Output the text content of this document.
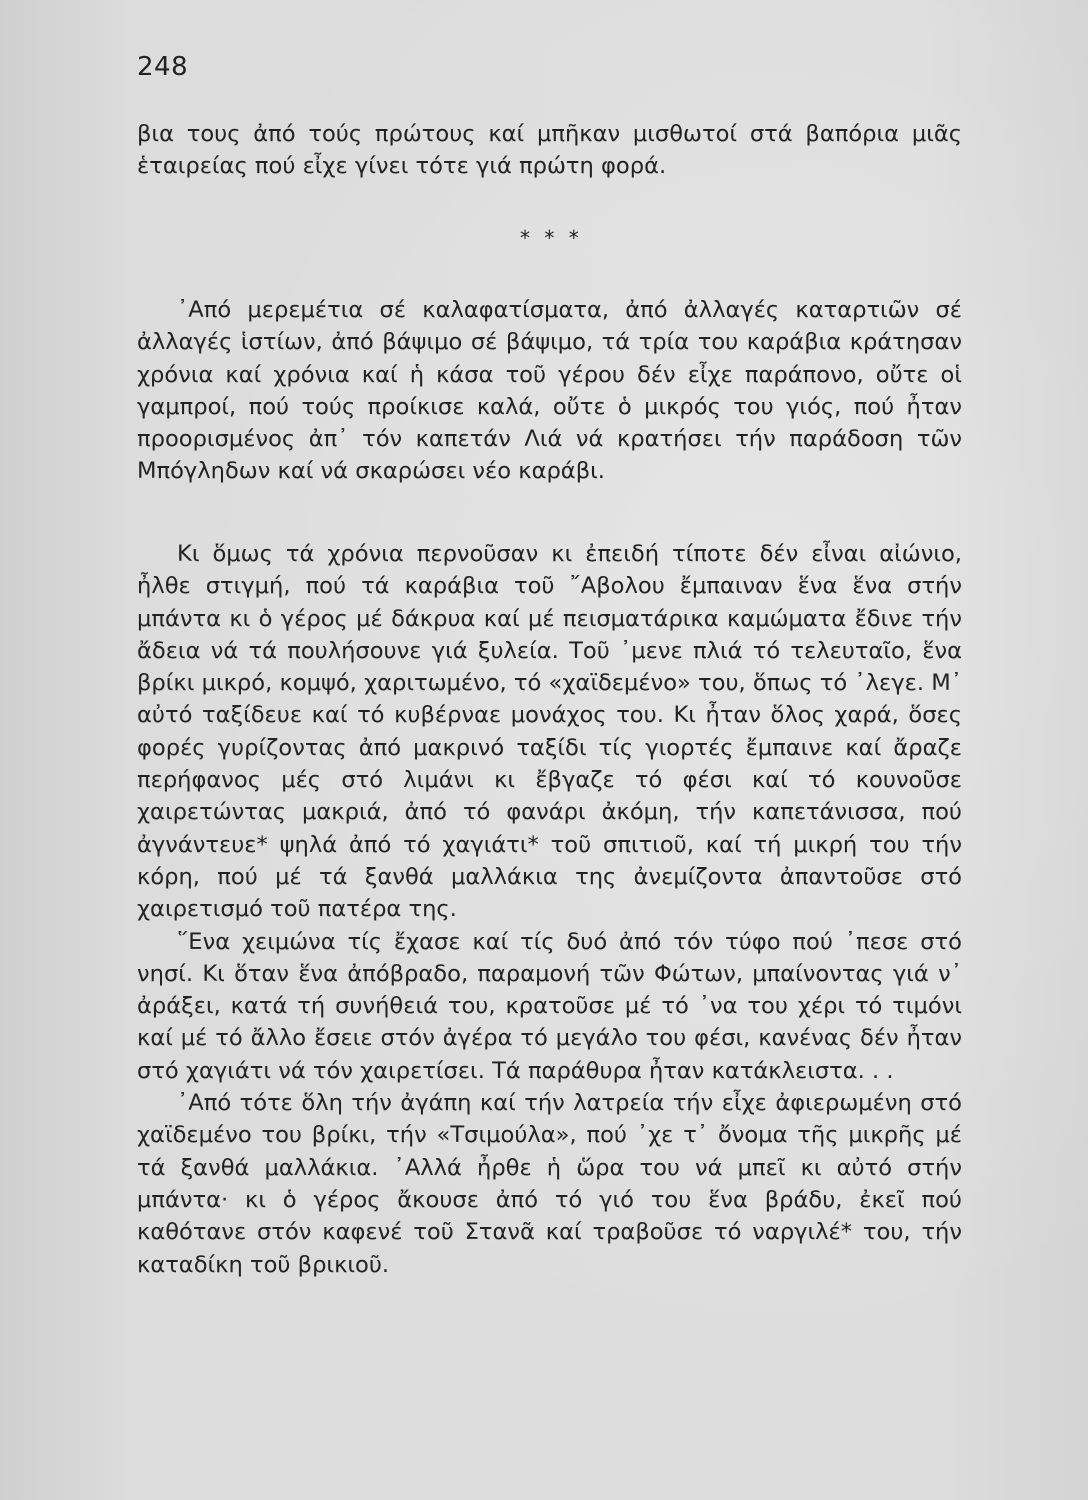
248
βια τους ἀπό τούς πρώτους καί μπῆκαν μισθωτοί στά βαπόρια μιᾶς ἑταιρείας πού εἶχε γίνει τότε γιά πρώτη φορά.
* * *
᾿Από μερεμέτια σέ καλαφατίσματα, ἀπό ἀλλαγές καταρτιῶν σέ ἀλλαγές ἱστίων, ἀπό βάψιμο σέ βάψιμο, τά τρία του καράβια κράτησαν χρόνια καί χρόνια καί ἡ κάσα τοῦ γέρου δέν εἶχε παράπονο, οὔτε οἱ γαμπροί, πού τούς προίκισε καλά, οὔτε ὁ μικρός του γιός, πού ἦταν προορισμένος ἀπ᾿ τόν καπετάν Λιά νά κρατήσει τήν παράδοση τῶν Μπόγληδων καί νά σκαρώσει νέο καράβι.

Κι ὅμως τά χρόνια περνοῦσαν κι ἐπειδή τίποτε δέν εἶναι αἰώνιο, ἦλθε στιγμή, πού τά καράβια τοῦ ῎Αβολου ἔμπαιναν ἕνα ἕνα στήν μπάντα κι ὁ γέρος μέ δάκρυα καί μέ πεισματάρικα καμώματα ἔδινε τήν ἄδεια νά τά πουλήσουνε γιά ξυλεία. Τοῦ ᾿μενε πλιά τό τελευταῖο, ἕνα βρίκι μικρό, κομψό, χαριτωμένο, τό «χαϊδεμένο» του, ὅπως τό ᾿λεγε. Μ᾿ αὐτό ταξίδευε καί τό κυβέρναε μονάχος του. Κι ἦταν ὅλος χαρά, ὅσες φορές γυρίζοντας ἀπό μακρινό ταξίδι τίς γιορτές ἔμπαινε καί ἄραζε περήφανος μές στό λιμάνι κι ἔβγαζε τό φέσι καί τό κουνοῦσε χαιρετώντας μακριά, ἀπό τό φανάρι ἀκόμη, τήν καπετάνισσα, πού ἀγνάντευε* ψηλά ἀπό τό χαγιάτι* τοῦ σπιτιοῦ, καί τή μικρή του τήν κόρη, πού μέ τά ξανθά μαλλάκια της ἀνεμίζοντα ἀπαντοῦσε στό χαιρετισμό τοῦ πατέρα της.

῞Ενα χειμώνα τίς ἔχασε καί τίς δυό ἀπό τόν τύφο πού ᾿πεσε στό νησί. Κι ὅταν ἕνα ἀπόβραδο, παραμονή τῶν Φώτων, μπαίνοντας γιά ν᾿ ἀράξει, κατά τή συνήθειά του, κρατοῦσε μέ τό ᾿να του χέρι τό τιμόνι καί μέ τό ἄλλο ἔσειε στόν ἀγέρα τό μεγάλο του φέσι, κανένας δέν ἦταν στό χαγιάτι νά τόν χαιρετίσει. Τά παράθυρα ἦταν κατάκλειστα. . .

᾿Από τότε ὅλη τήν ἀγάπη καί τήν λατρεία τήν εἶχε ἀφιερωμένη στό χαϊδεμένο του βρίκι, τήν «Τσιμούλα», πού ᾿χε τ᾿ ὄνομα τῆς μικρῆς μέ τά ξανθά μαλλάκια. ᾿Αλλά ἦρθε ἡ ὥρα του νά μπεῖ κι αὐτό στήν μπάντα· κι ὁ γέρος ἄκουσε ἀπό τό γιό του ἕνα βράδυ, ἐκεῖ πού καθότανε στόν καφενέ τοῦ Στανᾶ καί τραβοῦσε τό ναργιλέ* του, τήν καταδίκη τοῦ βρικιοῦ.
